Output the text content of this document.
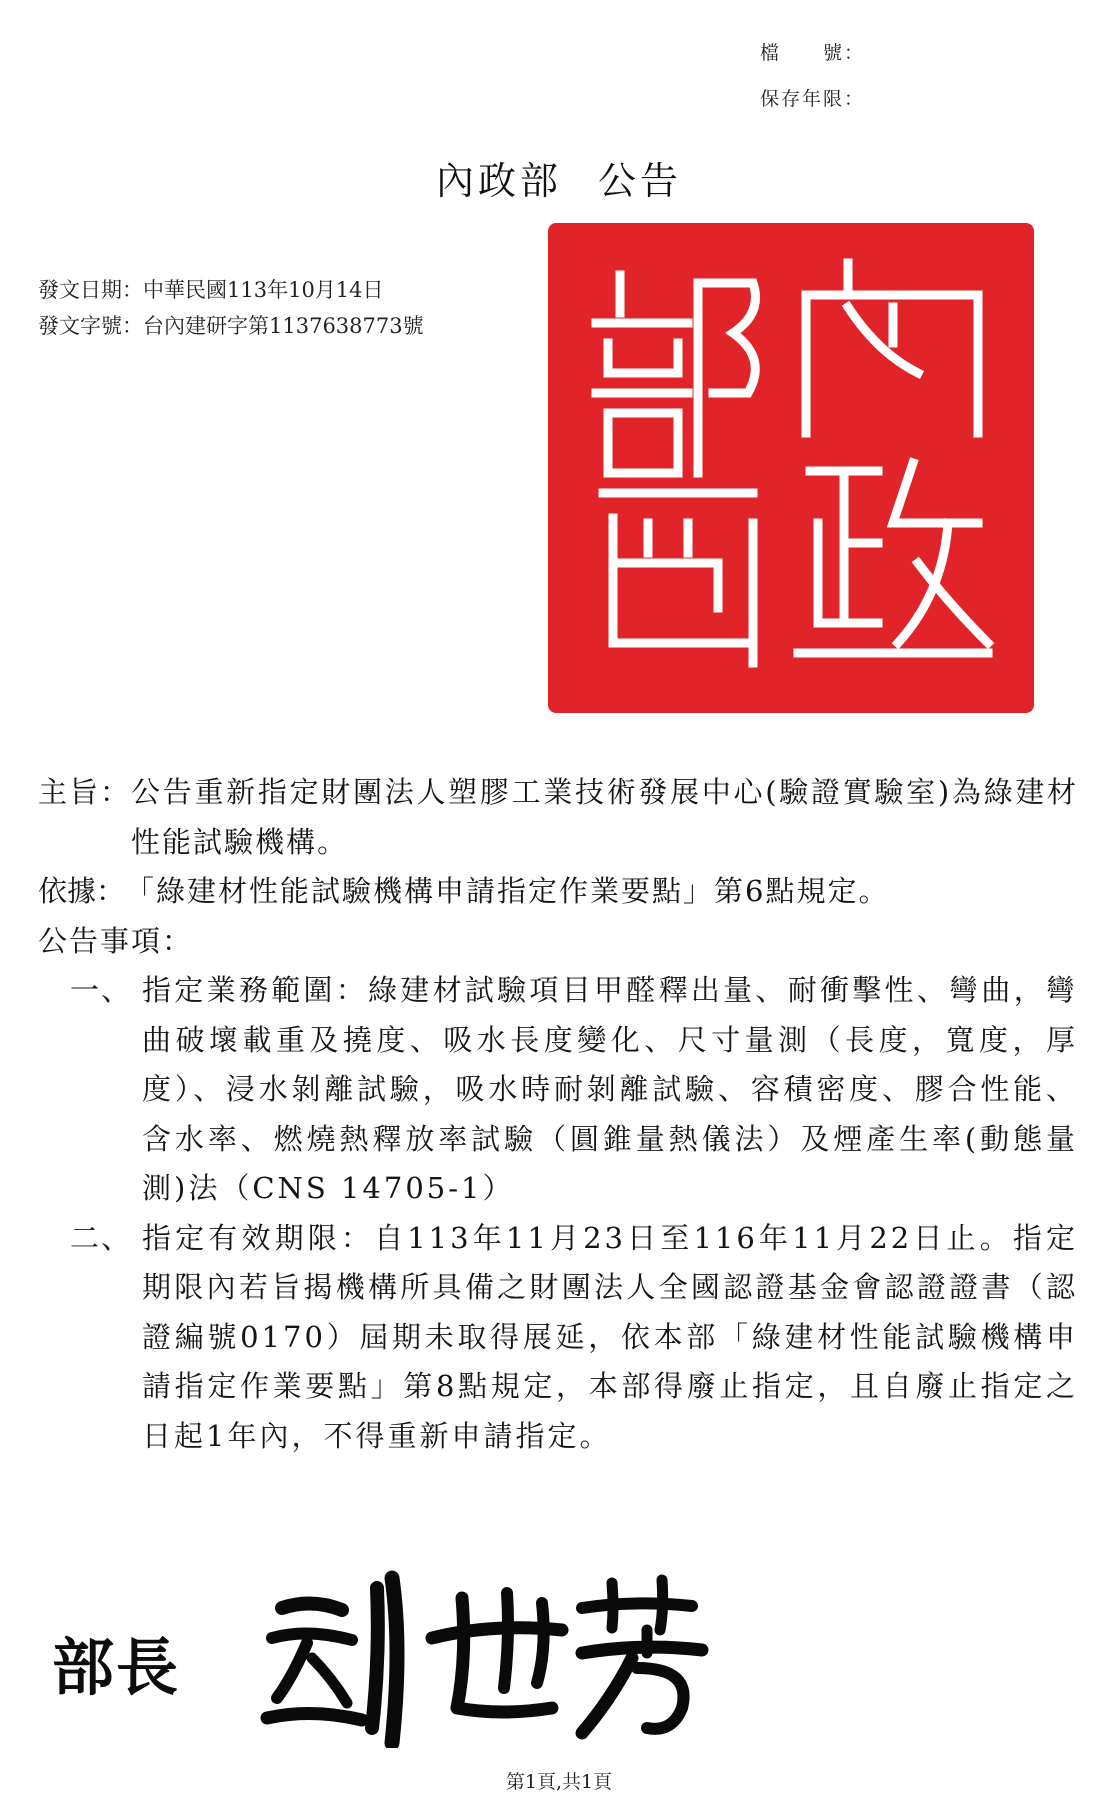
檔　　號：
保存年限：
內政部 公告
發文日期：中華民國113年10月14日
發文字號：台內建研字第1137638773號
主旨： 公告重新指定財團法人塑膠工業技術發展中心(驗證實驗室)為綠建材性能試驗機構。
依據： 「綠建材性能試驗機構申請指定作業要點」第6點規定。
公告事項：
一、 指定業務範圍：綠建材試驗項目甲醛釋出量、耐衝擊性、彎曲，彎曲破壞載重及撓度、吸水長度變化、尺寸量測（長度，寬度，厚度）、浸水剝離試驗，吸水時耐剝離試驗、容積密度、膠合性能、含水率、燃燒熱釋放率試驗（圓錐量熱儀法）及煙產生率(動態量測)法（CNS 14705-1）
二、 指定有效期限：自113年11月23日至116年11月22日止。指定期限內若旨揭機構所具備之財團法人全國認證基金會認證證書（認證編號0170）屆期未取得展延，依本部「綠建材性能試驗機構申請指定作業要點」第8點規定，本部得廢止指定，且自廢止指定之日起1年內，不得重新申請指定。
部長
第1頁,共1頁
